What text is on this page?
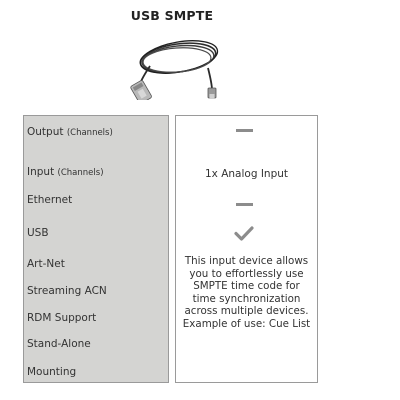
USB SMPTE
Output (Channels)
Input (Channels)
Ethernet
USB
Art-Net
Streaming ACN
RDM Support
Stand-Alone
Mounting
1x Analog Input
This input device allows you to effortlessly use SMPTE time code for time synchronization across multiple devices. Example of use: Cue List
